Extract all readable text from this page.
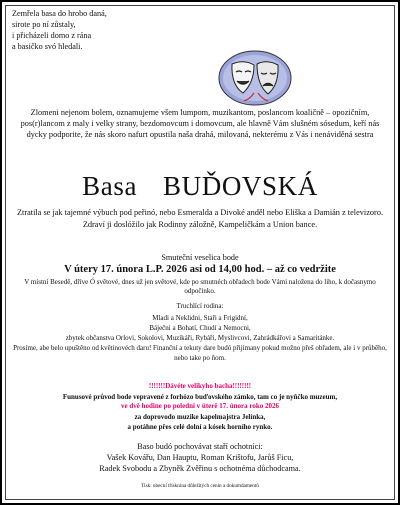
Zemřela basa do hrobo daná,
sirote po ní zůstaly,
i přicházeli domo z rána
a basičko svó hledali.
Zlomeni nejenom bolem, oznamujeme všem lumpom, muzikantom, poslancom koaličně – opozičním, pos(r)lancom z maly i velky strany, bezdomovcum i domovcum, ale hlavně Vám slušném sósedum, keří nás dycky podporite, že nás skoro nafurt opustila naša drahá, milovaná, nekterému z Vás i nenáviděná sestra
Basa BUĎOVSKÁ
Ztratila se jak tajemné výbuch pod peřinó, nebo Esmeralda a Divoké anděl nebo Eliška a Damián z televizoro.
Zdraví ji doslóžilo jak Rodinny záložně, Kampeličkám a Union bance.
Smuteční veselica bode
V útery 17. února L.P. 2026 asi od 14,00 hod. – až co vedržite
V místní Besedě, dříve Ó světové, dnes už jen světové, kde po smutnéch obřadech bode Vámi naložena do liho, k dočasnymo odpočinko.
Truchlící rodina:
Mladi a Neklidni, Staři a Frigidní,
Báječni a Bohatí, Chudí a Nemocni,
zbytek občanstva Orlovi, Sokolovi, Muzikáři, Rybáři, Myslivcovi, Zahrádkářovi a Samaritánke.
Prosíme, abe belo upuštěno od květinovéch daru! Finanční a tekuty dare budó přijímany pokud možno přeš obřadem, ale i v průběho, nebo take po ňom.
!!!!!!!Dávéte velikyho bacha!!!!!!!!
Funusové průvod bode vepravené z forhózo buďovského zámko, tam co je nyňčko muzeum,
ve dvě hodine po poledni v úterě 17. února roko 2026
za doprovodo muzike kapelmajstra Jelínka,
a potáhne přes celé dolní a kósek horního rynko.
Baso budó pochovávat staří ochotníci:
Vašek Kovářu, Dan Hauptu, Roman Krištofu, Jarůš Ficu,
Radek Svobodu a Zbyněk Zvěřinu s ochotnéma důchodcama.
Tisk: obecní třísknina důležitých cenin a dokumdamentů
